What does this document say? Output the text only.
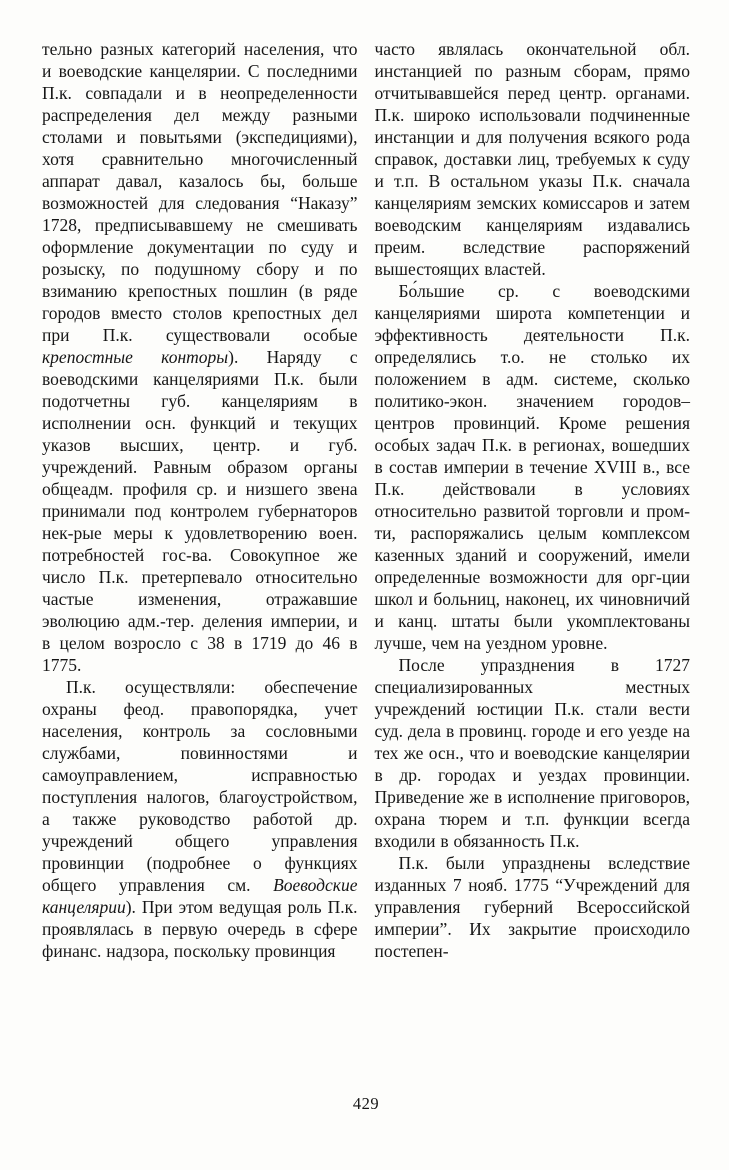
тельно разных категорий населения, что и воеводские канцелярии. С последними П.к. совпадали и в неопределенности распределения дел между разными столами и повытьями (экспедициями), хотя сравнительно многочисленный аппарат давал, казалось бы, больше возможностей для следования “Наказу” 1728, предписывавшему не смешивать оформление документации по суду и розыску, по подушному сбору и по взиманию крепостных пошлин (в ряде городов вместо столов крепостных дел при П.к. существовали особые крепостные конторы). Наряду с воеводскими канцеляриями П.к. были подотчетны губ. канцеляриям в исполнении осн. функций и текущих указов высших, центр. и губ. учреждений. Равным образом органы общеадм. профиля ср. и низшего звена принимали под контролем губернаторов нек-рые меры к удовлетворению воен. потребностей гос-ва. Совокупное же число П.к. претерпевало относительно частые изменения, отражавшие эволюцию адм.-тер. деления империи, и в целом возросло с 38 в 1719 до 46 в 1775.

П.к. осуществляли: обеспечение охраны феод. правопорядка, учет населения, контроль за сословными службами, повинностями и самоуправлением, исправностью поступления налогов, благоустройством, а также руководство работой др. учреждений общего управления провинции (подробнее о функциях общего управления см. Воеводские канцелярии). При этом ведущая роль П.к. проявлялась в первую очередь в сфере финанс. надзора, поскольку провинция

часто являлась окончательной обл. инстанцией по разным сборам, прямо отчитывавшейся перед центр. органами. П.к. широко использовали подчиненные инстанции и для получения всякого рода справок, доставки лиц, требуемых к суду и т.п. В остальном указы П.к. сначала канцеляриям земских комиссаров и затем воеводским канцеляриям издавались преим. вследствие распоряжений вышестоящих властей.

Бо́льшие ср. с воеводскими канцеляриями широта компетенции и эффективность деятельности П.к. определялись т.о. не столько их положением в адм. системе, сколько политико-экон. значением городов–центров провинций. Кроме решения особых задач П.к. в регионах, вошедших в состав империи в течение XVIII в., все П.к. действовали в условиях относительно развитой торговли и пром-ти, распоряжались целым комплексом казенных зданий и сооружений, имели определенные возможности для орг-ции школ и больниц, наконец, их чиновничий и канц. штаты были укомплектованы лучше, чем на уездном уровне.

После упразднения в 1727 специализированных местных учреждений юстиции П.к. стали вести суд. дела в провинц. городе и его уезде на тех же осн., что и воеводские канцелярии в др. городах и уездах провинции. Приведение же в исполнение приговоров, охрана тюрем и т.п. функции всегда входили в обязанность П.к.

П.к. были упразднены вследствие изданных 7 нояб. 1775 “Учреждений для управления губерний Всероссийской империи”. Их закрытие происходило постепен-

429
